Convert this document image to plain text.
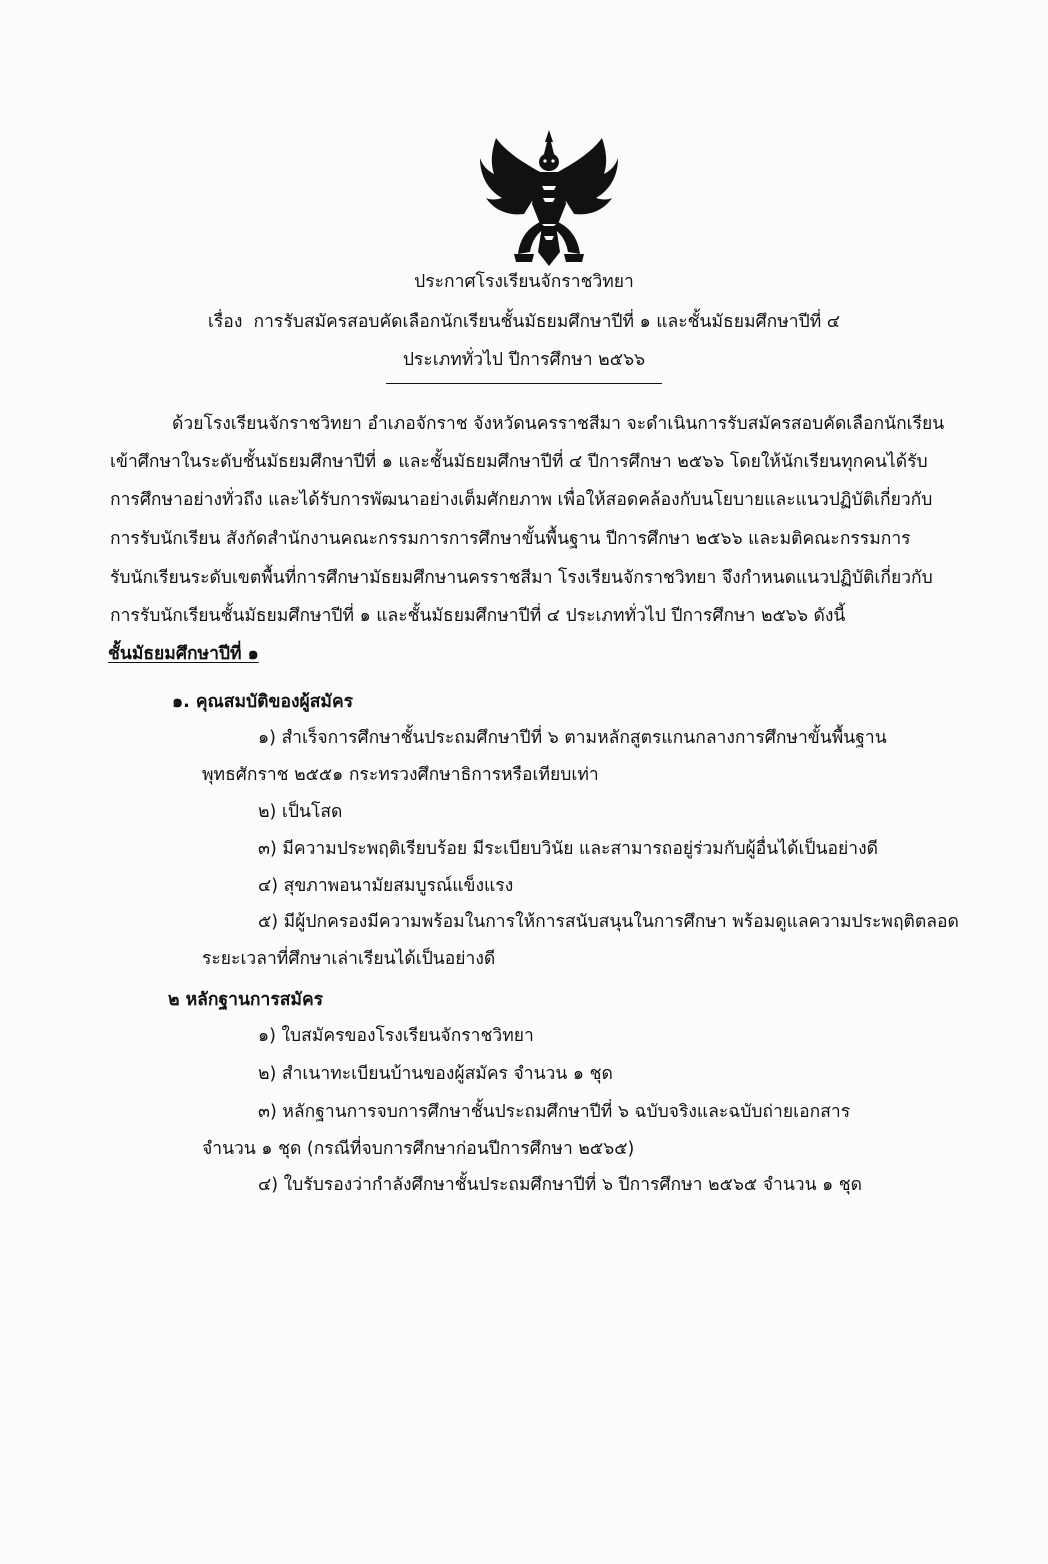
ประกาศโรงเรียนจักราชวิทยา
เรื่อง การรับสมัครสอบคัดเลือกนักเรียนชั้นมัธยมศึกษาปีที่ ๑ และชั้นมัธยมศึกษาปีที่ ๔
ประเภททั่วไป ปีการศึกษา ๒๕๖๖
ด้วยโรงเรียนจักราชวิทยา อำเภอจักราช จังหวัดนครราชสีมา จะดำเนินการรับสมัครสอบคัดเลือกนักเรียน
เข้าศึกษาในระดับชั้นมัธยมศึกษาปีที่ ๑ และชั้นมัธยมศึกษาปีที่ ๔ ปีการศึกษา ๒๕๖๖ โดยให้นักเรียนทุกคนได้รับ
การศึกษาอย่างทั่วถึง และได้รับการพัฒนาอย่างเต็มศักยภาพ เพื่อให้สอดคล้องกับนโยบายและแนวปฏิบัติเกี่ยวกับ
การรับนักเรียน สังกัดสำนักงานคณะกรรมการการศึกษาขั้นพื้นฐาน ปีการศึกษา ๒๕๖๖ และมติคณะกรรมการ
รับนักเรียนระดับเขตพื้นที่การศึกษามัธยมศึกษานครราชสีมา โรงเรียนจักราชวิทยา จึงกำหนดแนวปฏิบัติเกี่ยวกับ
การรับนักเรียนชั้นมัธยมศึกษาปีที่ ๑ และชั้นมัธยมศึกษาปีที่ ๔ ประเภททั่วไป ปีการศึกษา ๒๕๖๖ ดังนี้
ชั้นมัธยมศึกษาปีที่ ๑
๑. คุณสมบัติของผู้สมัคร
๑) สำเร็จการศึกษาชั้นประถมศึกษาปีที่ ๖ ตามหลักสูตรแกนกลางการศึกษาขั้นพื้นฐาน
พุทธศักราช ๒๕๕๑ กระทรวงศึกษาธิการหรือเทียบเท่า
๒) เป็นโสด
๓) มีความประพฤติเรียบร้อย มีระเบียบวินัย และสามารถอยู่ร่วมกับผู้อื่นได้เป็นอย่างดี
๔) สุขภาพอนามัยสมบูรณ์แข็งแรง
๕) มีผู้ปกครองมีความพร้อมในการให้การสนับสนุนในการศึกษา พร้อมดูแลความประพฤติตลอด
ระยะเวลาที่ศึกษาเล่าเรียนได้เป็นอย่างดี
๒ หลักฐานการสมัคร
๑) ใบสมัครของโรงเรียนจักราชวิทยา
๒) สำเนาทะเบียนบ้านของผู้สมัคร จำนวน ๑ ชุด
๓) หลักฐานการจบการศึกษาชั้นประถมศึกษาปีที่ ๖ ฉบับจริงและฉบับถ่ายเอกสาร
จำนวน ๑ ชุด (กรณีที่จบการศึกษาก่อนปีการศึกษา ๒๕๖๕)
๔) ใบรับรองว่ากำลังศึกษาชั้นประถมศึกษาปีที่ ๖ ปีการศึกษา ๒๕๖๕ จำนวน ๑ ชุด
